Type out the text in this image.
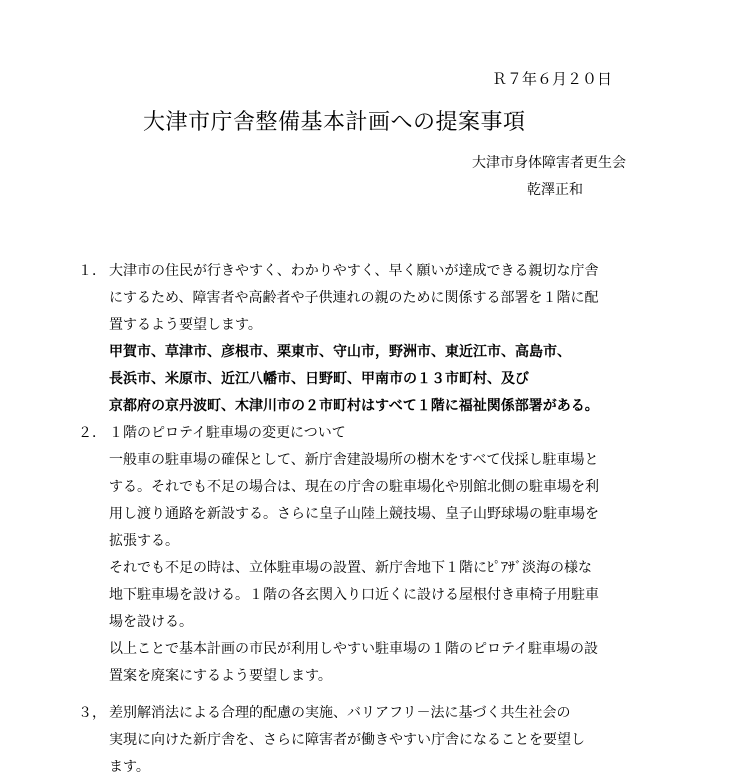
Ｒ７年６月２０日
大津市庁舎整備基本計画への提案事項
大津市身体障害者更生会
乾澤正和
１． 大津市の住民が行きやすく、わかりやすく、早く願いが達成できる親切な庁舎
にするため、障害者や高齢者や子供連れの親のために関係する部署を１階に配
置するよう要望します。
甲賀市、草津市、彦根市、栗東市、守山市，野洲市、東近江市、高島市、
長浜市、米原市、近江八幡市、日野町、甲南市の１３市町村、及び
京都府の京丹波町、木津川市の２市町村はすべて１階に福祉関係部署がある。
２． １階のピロテイ駐車場の変更について
一般車の駐車場の確保として、新庁舎建設場所の樹木をすべて伐採し駐車場と
する。それでも不足の場合は、現在の庁舎の駐車場化や別館北側の駐車場を利
用し渡り通路を新設する。さらに皇子山陸上競技場、皇子山野球場の駐車場を
拡張する。
それでも不足の時は、立体駐車場の設置、新庁舎地下１階にﾋﾟｱｻﾞ淡海の様な
地下駐車場を設ける。１階の各玄関入り口近くに設ける屋根付き車椅子用駐車
場を設ける。
以上ことで基本計画の市民が利用しやすい駐車場の１階のピロテイ駐車場の設
置案を廃案にするよう要望します。
３， 差別解消法による合理的配慮の実施、バリアフリ－法に基づく共生社会の
実現に向けた新庁舎を、さらに障害者が働きやすい庁舎になることを要望し
ます。
